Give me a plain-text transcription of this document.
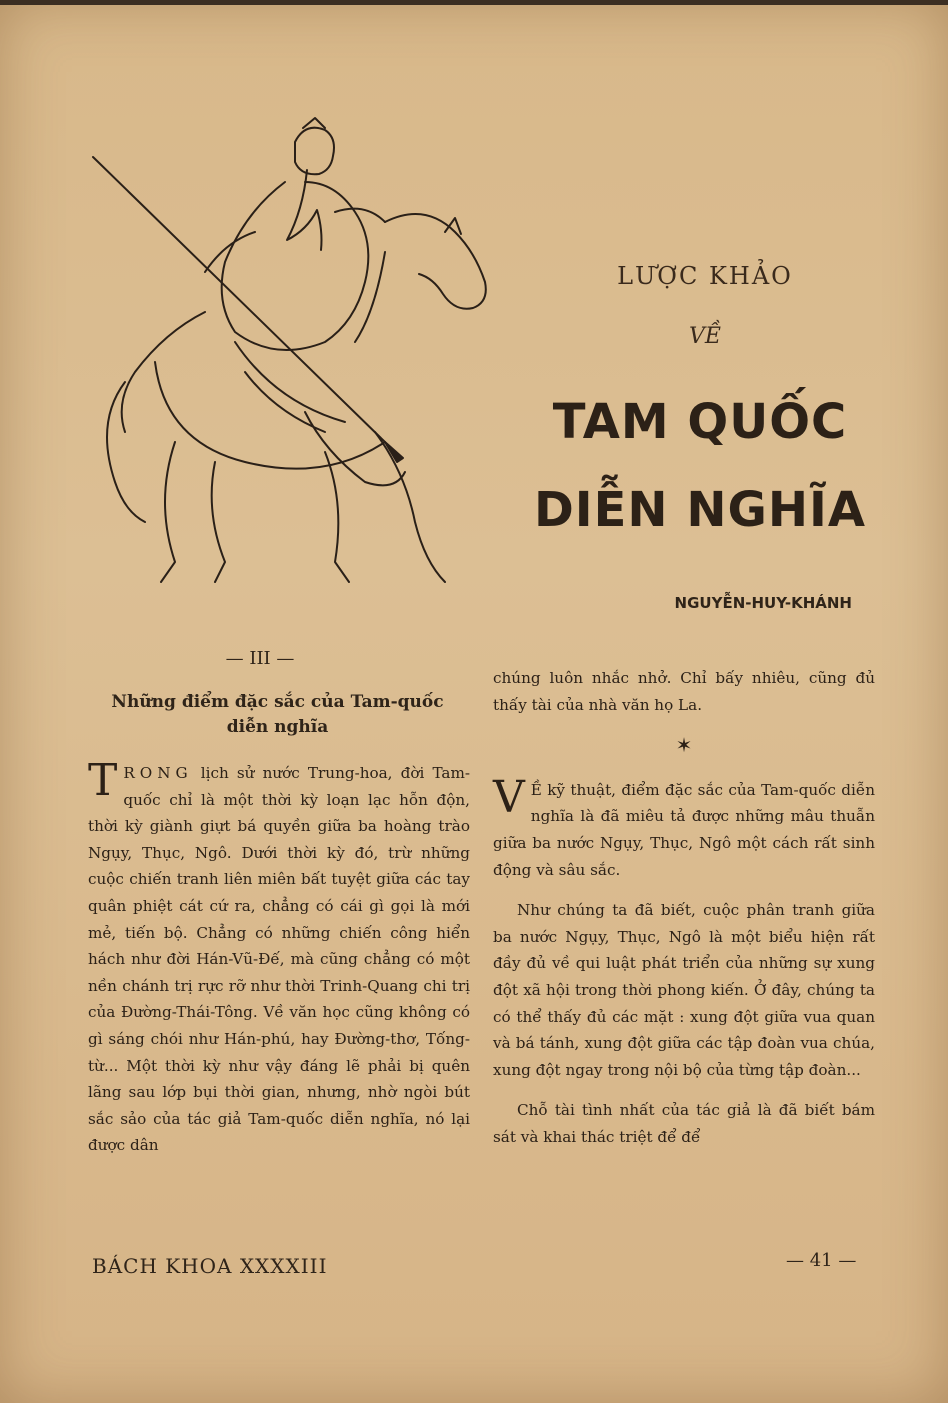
LƯỢC KHẢO
VỀ
TAM QUỐC
DIỄN NGHĨA
NGUYỄN-HUY-KHÁNH
— III —
Những điểm đặc sắc của Tam-quốc
diễn nghĩa

T RONG lịch sử nước Trung-hoa, đời Tam-quốc chỉ là một thời kỳ loạn lạc hỗn độn, thời kỳ giành giựt bá quyền giữa ba hoàng trào Ngụy, Thục, Ngô. Dưới thời kỳ đó, trừ những cuộc chiến tranh liên miên bất tuyệt giữa các tay quân phiệt cát cứ ra, chẳng có cái gì gọi là mới mẻ, tiến bộ. Chẳng có những chiến công hiển hách như đời Hán-Vũ-Đế, mà cũng chẳng có một nền chánh trị rực rỡ như thời Trinh-Quang chi trị của Đường-Thái-Tông. Về văn học cũng không có gì sáng chói như Hán-phú, hay Đường-thơ, Tống-từ... Một thời kỳ như vậy đáng lẽ phải bị quên lãng sau lớp bụi thời gian, nhưng, nhờ ngòi bút sắc sảo của tác giả Tam-quốc diễn nghĩa, nó lại được dân

chúng luôn nhắc nhở. Chỉ bấy nhiêu, cũng đủ thấy tài của nhà văn họ La.

✶

V Ề kỹ thuật, điểm đặc sắc của Tam-quốc diễn nghĩa là đã miêu tả được những mâu thuẫn giữa ba nước Ngụy, Thục, Ngô một cách rất sinh động và sâu sắc.

Như chúng ta đã biết, cuộc phân tranh giữa ba nước Ngụy, Thục, Ngô là một biểu hiện rất đầy đủ về qui luật phát triển của những sự xung đột xã hội trong thời phong kiến. Ở đây, chúng ta có thể thấy đủ các mặt : xung đột giữa vua quan và bá tánh, xung đột giữa các tập đoàn vua chúa, xung đột ngay trong nội bộ của từng tập đoàn...

Chỗ tài tình nhất của tác giả là đã biết bám sát và khai thác triệt để để

BÁCH KHOA XXXXIII	— 41 —
